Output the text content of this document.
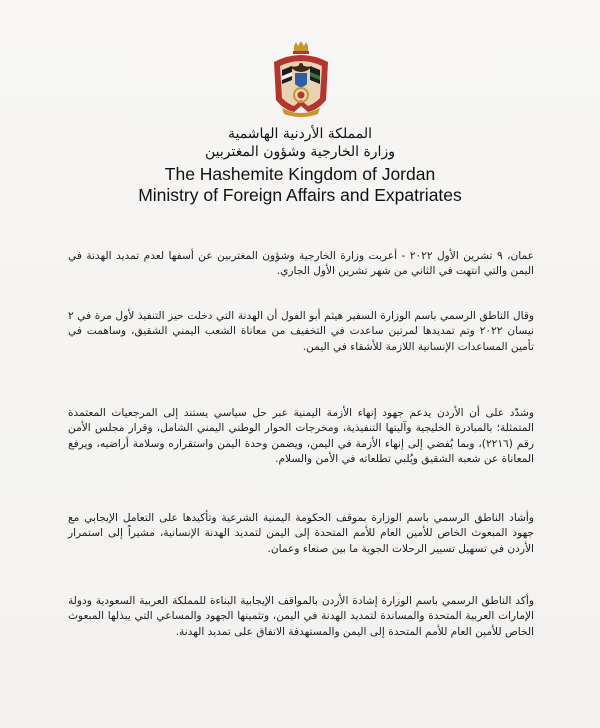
المملكة الأردنية الهاشمية
وزارة الخارجية وشؤون المغتربين
The Hashemite Kingdom of Jordan
Ministry of Foreign Affairs and Expatriates

عمان، ٩ تشرين الأول ٢٠٢٢ - أعربت وزارة الخارجية وشؤون المغتربين عن أسفها لعدم تمديد الهدنة في اليمن والتي انتهت في الثاني من شهر تشرين الأول الجاري.

وقال الناطق الرسمي باسم الوزارة السفير هيثم أبو الفول أن الهدنة التي دخلت حيز التنفيذ لأول مرة في ٢ نيسان ٢٠٢٢ وتم تمديدها لمرتين ساعدت في التخفيف من معاناة الشعب اليمني الشقيق، وساهمت في تأمين المساعدات الإنسانية اللازمة للأشقاء في اليمن.

وشدّد على أن الأردن يدعم جهود إنهاء الأزمة اليمنية عبر حل سياسي يستند إلى المرجعيات المعتمدة المتمثلة؛ بالمبادرة الخليجية وآليتها التنفيذية، ومخرجات الحوار الوطني اليمني الشامل، وقرار مجلس الأمن رقم (٢٢١٦)، وبما يُفضي إلى إنهاء الأزمة في اليمن، ويضمن وحدة اليمن واستقراره وسلامة أراضيه، ويرفع المعاناة عن شعبه الشقيق ويُلبي تطلعاته في الأمن والسلام.

وأشاد الناطق الرسمي باسم الوزارة بموقف الحكومة اليمنية الشرعية وتأكيدها على التعامل الإيجابي مع جهود المبعوث الخاص للأمين العام للأمم المتحدة إلى اليمن لتمديد الهدنة الإنسانية، مشيراً إلى استمرار الأردن في تسهيل تسيير الرحلات الجوية ما بين صنعاء وعمان.

وأكد الناطق الرسمي باسم الوزارة إشادة الأردن بالمواقف الإيجابية البناءة للمملكة العربية السعودية ودولة الإمارات العربية المتحدة والمساندة لتمديد الهدنة في اليمن، وتثمينها الجهود والمساعي التي يبذلها المبعوث الخاص للأمين العام للأمم المتحدة إلى اليمن والمستهدفة الاتفاق على تمديد الهدنة.
